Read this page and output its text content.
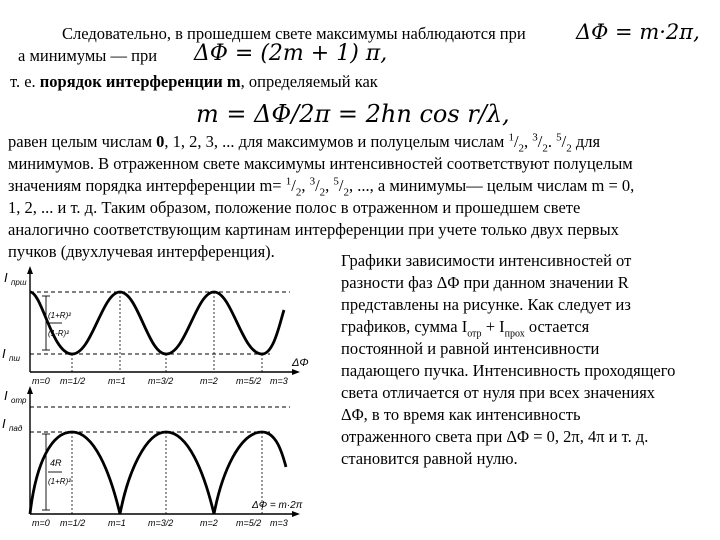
Следовательно, в прошедшем свете максимумы наблюдаются при ΔΦ = m·2π,
а минимумы — при ΔΦ = (2m + 1) π,
т. е. порядок интерференции m, определяемый как
m = ΔΦ/2π = 2hn cos r/λ,
равен целым числам 0, 1, 2, 3, ... для максимумов и полуцелым числам $^1/_2$, $^3/_2$. $^5/_2$ для
минимумов. В отраженном свете максимумы интенсивностей соответствуют полуцелым
значениям порядка интерференции $m= ^1/_2$, $^3/_2$, $^5/_2$, ..., а минимумы— целым числам m = 0,
1, 2, ... и т. д. Таким образом, положение полос в отраженном и прошедшем свете
аналогично соответствующим картинам интерференции при учете только двух первых
пучков (двухлучевая интерференция).	Графики зависимости интенсивностей от
разности фаз ΔΦ при данном значении R
представлены на рисунке. Как следует из
графиков, сумма $I_{отр} + I_{прох}$ остается
постоянной и равной интенсивности
падающего пучка. Интенсивность проходящего
света отличается от нуля при всех значениях
ΔΦ, в то время как интенсивность
отраженного света при ΔΦ = 0, 2π, 4π и т. д.
становится равной нулю.
I прш
I пш
(1+R)²
(1-R)²
m=0 m=1/2	m=1 m=3/2	m=2 m=5/2 m=3
ΔΦ
I отр
I пад
4R
(1+R)²
m=0 m=1/2	m=1 m=3/2	m=2 m=5/2 m=3
ΔΦ = m·2π
